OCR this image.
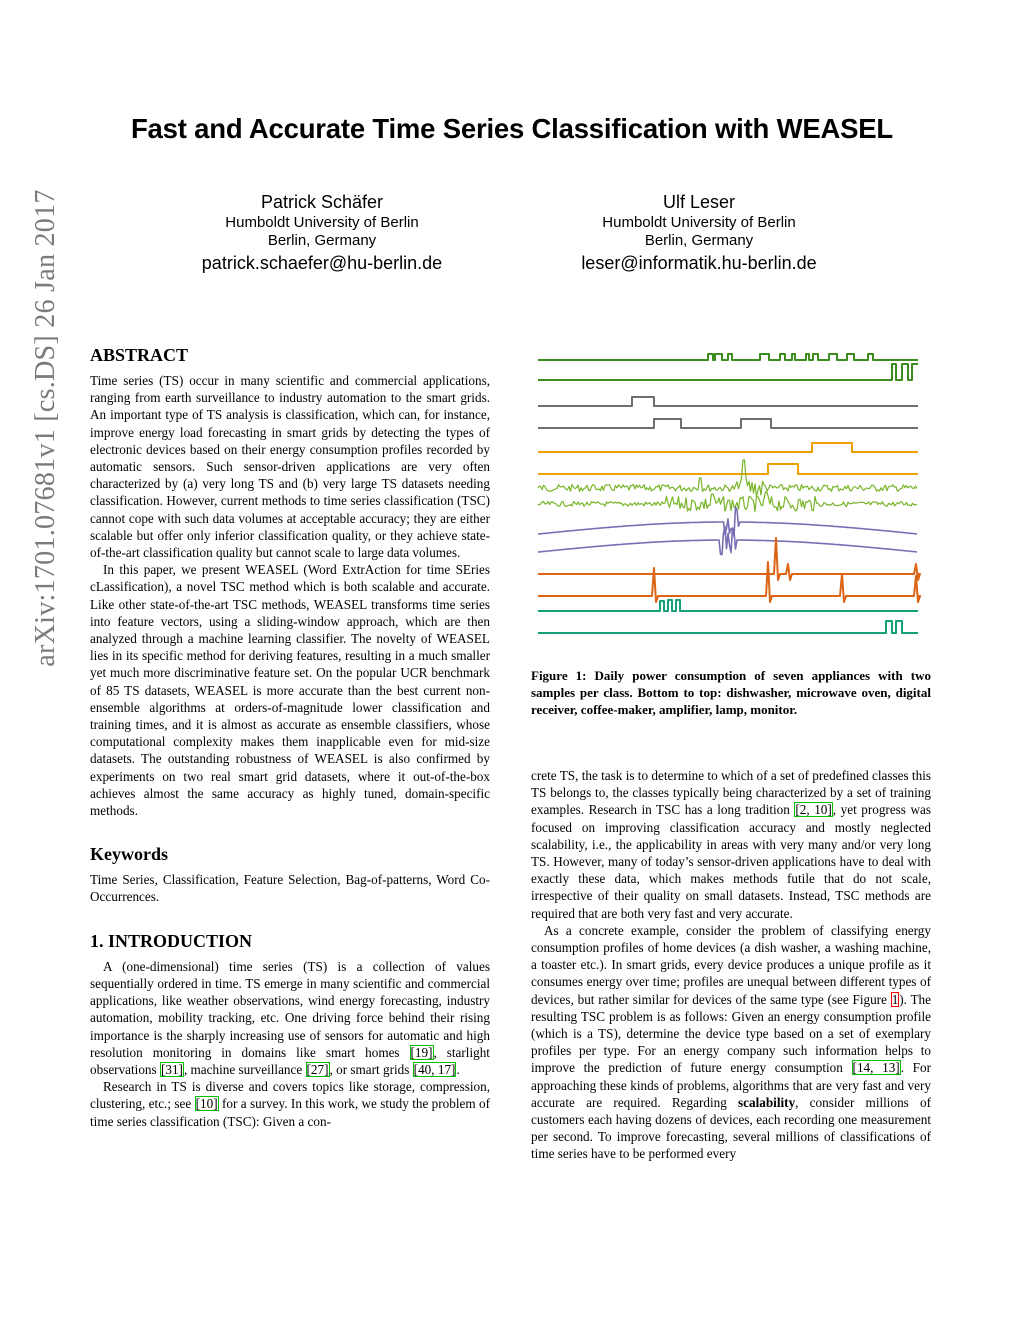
Fast and Accurate Time Series Classification with WEASEL
Patrick Schäfer
Humboldt University of Berlin
Berlin, Germany
patrick.schaefer@hu-berlin.de
Ulf Leser
Humboldt University of Berlin
Berlin, Germany
leser@informatik.hu-berlin.de
arXiv:1701.07681v1 [cs.DS] 26 Jan 2017 ABSTRACT

Time series (TS) occur in many scientific and commercial applications, ranging from earth surveillance to industry automation to the smart grids. An important type of TS analysis is classification, which can, for instance, improve energy load forecasting in smart grids by detecting the types of electronic devices based on their energy consumption profiles recorded by automatic sensors. Such sensor-driven applications are very often characterized by (a) very long TS and (b) very large TS datasets needing classification. However, current methods to time series classification (TSC) cannot cope with such data volumes at acceptable accuracy; they are either scalable but offer only inferior classification quality, or they achieve state-of-the-art classification quality but cannot scale to large data volumes.

In this paper, we present WEASEL (Word ExtrAction for time SEries cLassification), a novel TSC method which is both scalable and accurate. Like other state-of-the-art TSC methods, WEASEL transforms time series into feature vectors, using a sliding-window approach, which are then analyzed through a machine learning classifier. The novelty of WEASEL lies in its specific method for deriving features, resulting in a much smaller yet much more discriminative feature set. On the popular UCR benchmark of 85 TS datasets, WEASEL is more accurate than the best current non-ensemble algorithms at orders-of-magnitude lower classification and training times, and it is almost as accurate as ensemble classifiers, whose computational complexity makes them inapplicable even for mid-size datasets. The outstanding robustness of WEASEL is also confirmed by experiments on two real smart grid datasets, where it out-of-the-box achieves almost the same accuracy as highly tuned, domain-specific methods.

Keywords

Time Series, Classification, Feature Selection, Bag-of-patterns, Word Co-Occurrences.

1. INTRODUCTION

A (one-dimensional) time series (TS) is a collection of values sequentially ordered in time. TS emerge in many scientific and commercial applications, like weather observations, wind energy forecasting, industry automation, mobility tracking, etc. One driving force behind their rising importance is the sharply increasing use of sensors for automatic and high resolution monitoring in domains like smart homes [19], starlight observations [31], machine surveillance [27], or smart grids [40, 17].

Research in TS is diverse and covers topics like storage, compression, clustering, etc.; see [10] for a survey. In this work, we study the problem of time series classification (TSC): Given a con-

Figure 1: Daily power consumption of seven appliances with two samples per class. Bottom to top: dishwasher, microwave oven, digital receiver, coffee-maker, amplifier, lamp, monitor.

crete TS, the task is to determine to which of a set of predefined classes this TS belongs to, the classes typically being characterized by a set of training examples. Research in TSC has a long tradition [2, 10], yet progress was focused on improving classification accuracy and mostly neglected scalability, i.e., the applicability in areas with very many and/or very long TS. However, many of today’s sensor-driven applications have to deal with exactly these data, which makes methods futile that do not scale, irrespective of their quality on small datasets. Instead, TSC methods are required that are both very fast and very accurate.

As a concrete example, consider the problem of classifying energy consumption profiles of home devices (a dish washer, a washing machine, a toaster etc.). In smart grids, every device produces a unique profile as it consumes energy over time; profiles are unequal between different types of devices, but rather similar for devices of the same type (see Figure 1). The resulting TSC problem is as follows: Given an energy consumption profile (which is a TS), determine the device type based on a set of exemplary profiles per type. For an energy company such information helps to improve the prediction of future energy consumption [14, 13]. For approaching these kinds of problems, algorithms that are very fast and very accurate are required. Regarding scalability, consider millions of customers each having dozens of devices, each recording one measurement per second. To improve forecasting, several millions of classifications of time series have to be performed every
